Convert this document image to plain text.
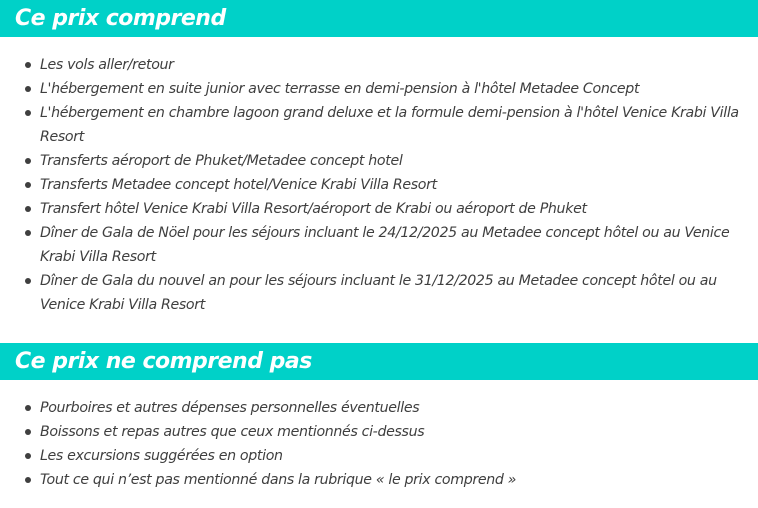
Ce prix comprend
Les vols aller/retour
L'hébergement en suite junior avec terrasse en demi-pension à l'hôtel Metadee Concept
L'hébergement en chambre lagoon grand deluxe et la formule demi-pension à l'hôtel Venice Krabi Villa Resort
Transferts aéroport de Phuket/Metadee concept hotel
Transferts Metadee concept hotel/Venice Krabi Villa Resort
Transfert hôtel Venice Krabi Villa Resort/aéroport de Krabi ou aéroport de Phuket
Dîner de Gala de Nöel pour les séjours incluant le 24/12/2025 au Metadee concept hôtel ou au Venice Krabi Villa Resort
Dîner de Gala du nouvel an pour les séjours incluant le 31/12/2025 au Metadee concept hôtel ou au Venice Krabi Villa Resort
Ce prix ne comprend pas
Pourboires et autres dépenses personnelles éventuelles
Boissons et repas autres que ceux mentionnés ci-dessus
Les excursions suggérées en option
Tout ce qui n’est pas mentionné dans la rubrique « le prix comprend »
